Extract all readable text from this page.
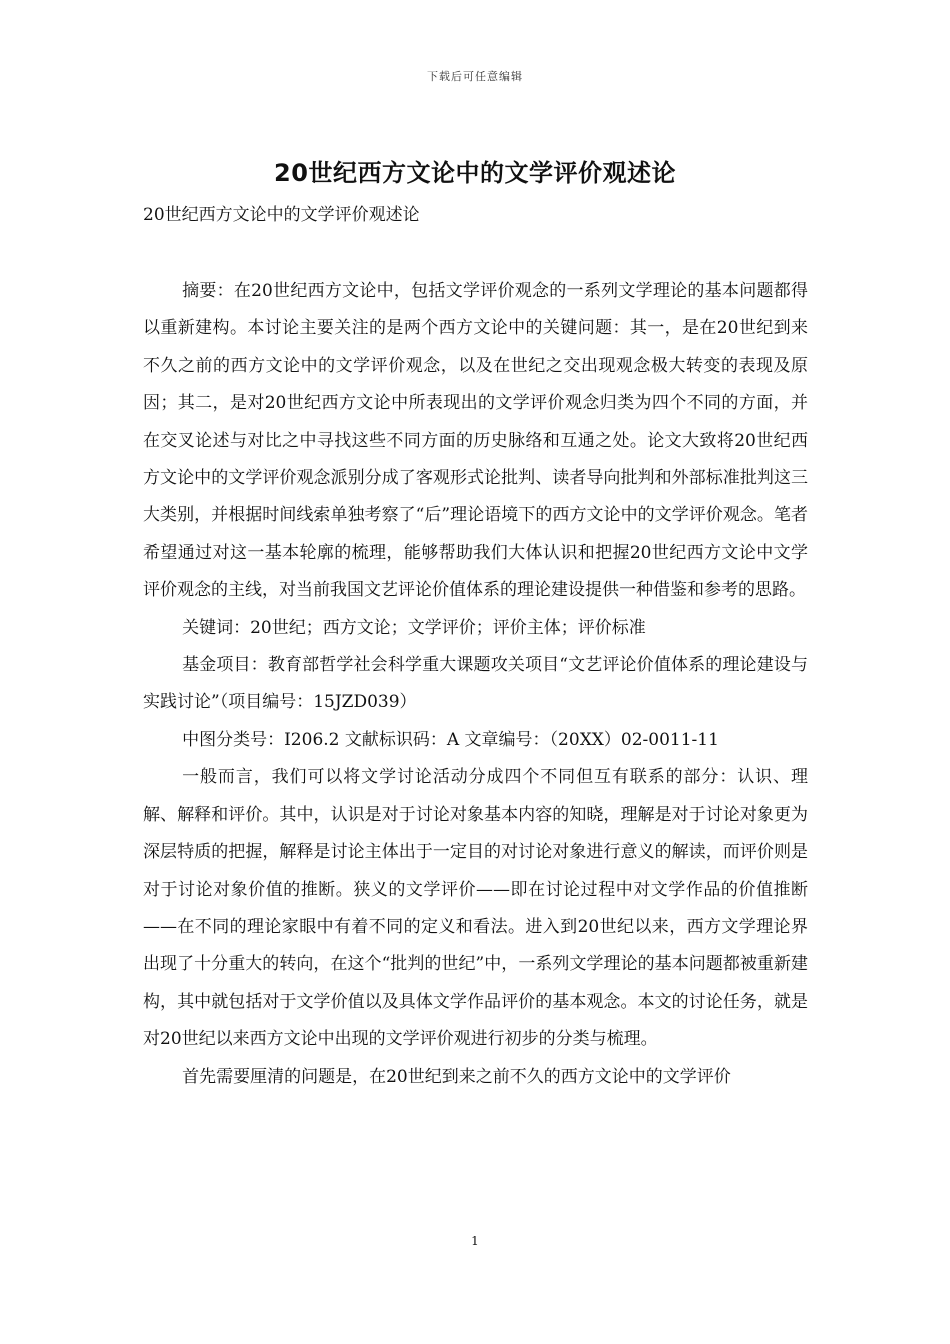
下载后可任意编辑
20世纪西方文论中的文学评价观述论
20世纪西方文论中的文学评价观述论

摘要：在20世纪西方文论中，包括文学评价观念的一系列文学理论的基本问题都得以重新建构。本讨论主要关注的是两个西方文论中的关键问题：其一，是在20世纪到来不久之前的西方文论中的文学评价观念，以及在世纪之交出现观念极大转变的表现及原因；其二，是对20世纪西方文论中所表现出的文学评价观念归类为四个不同的方面，并在交叉论述与对比之中寻找这些不同方面的历史脉络和互通之处。论文大致将20世纪西方文论中的文学评价观念派别分成了客观形式论批判、读者导向批判和外部标准批判这三大类别，并根据时间线索单独考察了“后”理论语境下的西方文论中的文学评价观念。笔者希望通过对这一基本轮廓的梳理，能够帮助我们大体认识和把握20世纪西方文论中文学评价观念的主线，对当前我国文艺评论价值体系的理论建设提供一种借鉴和参考的思路。

关键词：20世纪；西方文论；文学评价；评价主体；评价标准

基金项目：教育部哲学社会科学重大课题攻关项目“文艺评论价值体系的理论建设与实践讨论”（项目编号：15JZD039）

中图分类号：I206.2 文献标识码：A 文章编号：（20XX）02-0011-11

一般而言，我们可以将文学讨论活动分成四个不同但互有联系的部分：认识、理解、解释和评价。其中，认识是对于讨论对象基本内容的知晓，理解是对于讨论对象更为深层特质的把握，解释是讨论主体出于一定目的对讨论对象进行意义的解读，而评价则是对于讨论对象价值的推断。狭义的文学评价——即在讨论过程中对文学作品的价值推断——在不同的理论家眼中有着不同的定义和看法。进入到20世纪以来，西方文学理论界出现了十分重大的转向，在这个“批判的世纪”中，一系列文学理论的基本问题都被重新建构，其中就包括对于文学价值以及具体文学作品评价的基本观念。本文的讨论任务，就是对20世纪以来西方文论中出现的文学评价观进行初步的分类与梳理。

首先需要厘清的问题是，在20世纪到来之前不久的西方文论中的文学评价

1
